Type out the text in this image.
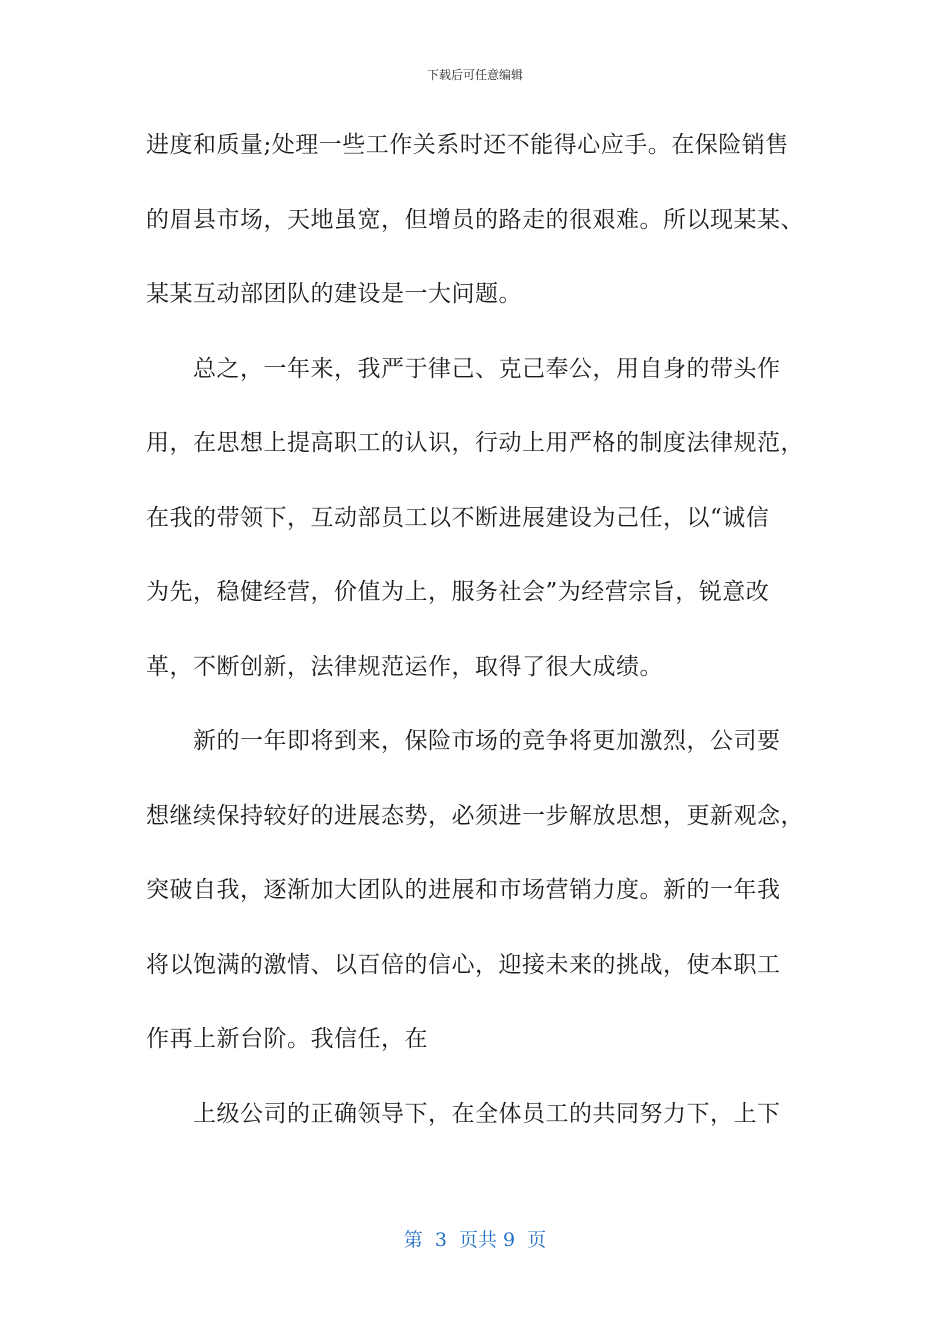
下载后可任意编辑
进度和质量;处理一些工作关系时还不能得心应手。在保险销售
的眉县市场，天地虽宽，但增员的路走的很艰难。所以现某某、
某某互动部团队的建设是一大问题。
总之，一年来，我严于律己、克己奉公，用自身的带头作
用，在思想上提高职工的认识，行动上用严格的制度法律规范，
在我的带领下，互动部员工以不断进展建设为己任，以“诚信
为先，稳健经营，价值为上，服务社会”为经营宗旨，锐意改
革，不断创新，法律规范运作，取得了很大成绩。
新的一年即将到来，保险市场的竞争将更加激烈，公司要
想继续保持较好的进展态势，必须进一步解放思想，更新观念，
突破自我，逐渐加大团队的进展和市场营销力度。新的一年我
将以饱满的激情、以百倍的信心，迎接未来的挑战，使本职工
作再上新台阶。我信任，在
上级公司的正确领导下，在全体员工的共同努力下，上下
第  3  页共 9  页
